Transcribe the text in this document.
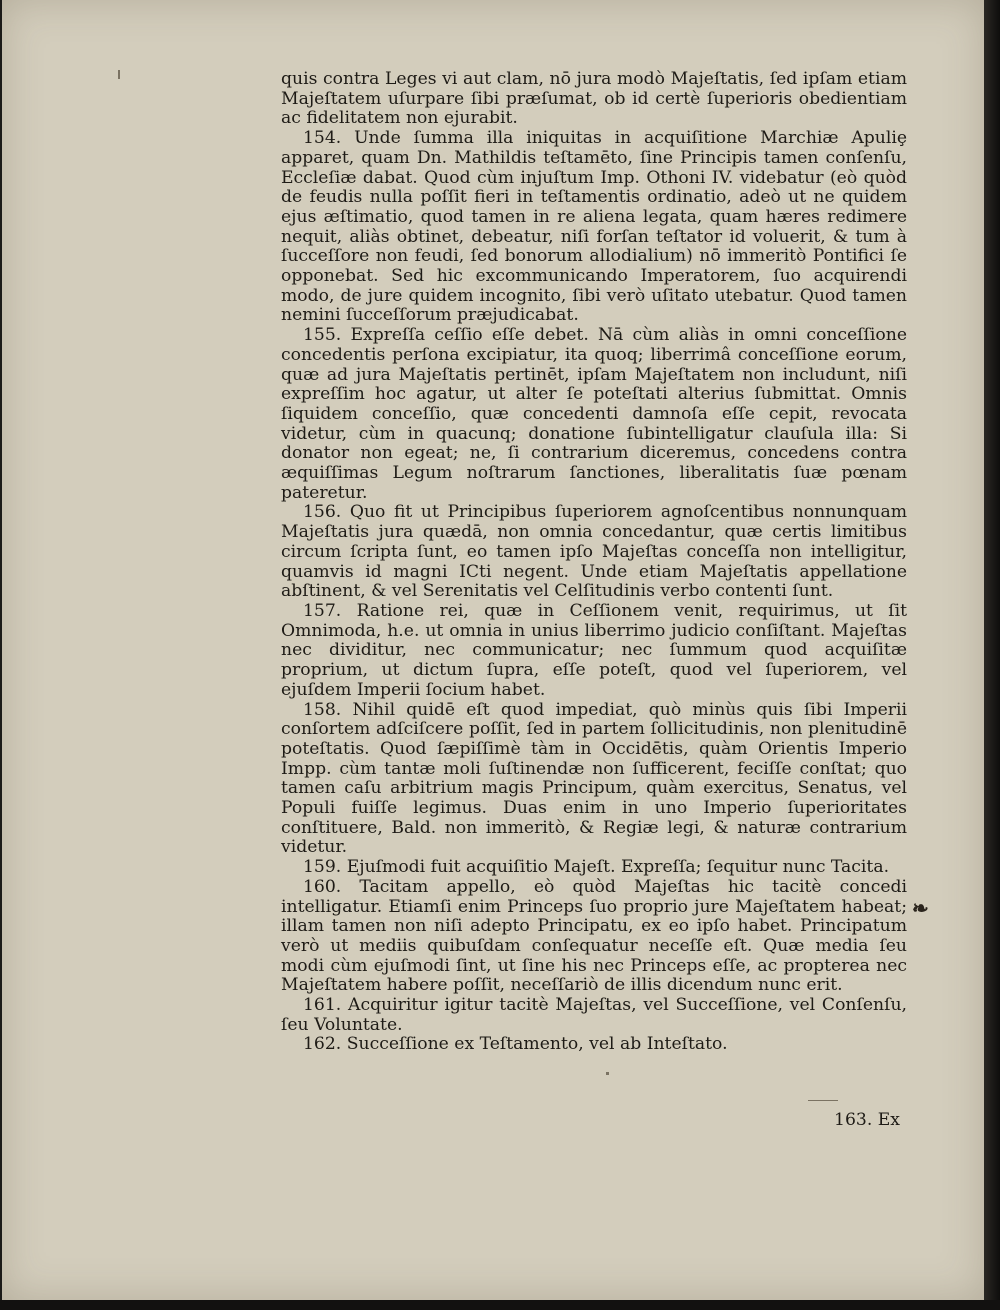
quis contra Leges vi aut clam, nō jura modò Majeſtatis, ſed ipſam etiam Majeſtatem uſurpare ſibi præſumat, ob id certè ſuperioris obedientiam ac fidelitatem non ejurabit.

154. Unde ſumma illa iniquitas in acquiſitione Marchiæ Apuliȩ apparet, quam Dn. Mathildis teſtamēto, ſine Principis tamen conſenſu, Eccleſiæ dabat. Quod cùm injuſtum Imp. Othoni IV. videbatur (eò quòd de feudis nulla poſſit fieri in teſtamentis ordinatio, adeò ut ne quidem ejus æſtimatio, quod tamen in re aliena legata, quam hæres redimere nequit, aliàs obtinet, debeatur, niſi forſan teſtator id voluerit, & tum à ſucceſſore non feudi, ſed bonorum allodialium) nō immeritò Pontifici ſe opponebat. Sed hic excommunicando Imperatorem, ſuo acquirendi modo, de jure quidem incognito, ſibi verò uſitato utebatur. Quod tamen nemini ſucceſſorum præjudicabat.

155. Expreſſa ceſſio eſſe debet. Nā cùm aliàs in omni conceſſione concedentis perſona excipiatur, ita quoq; liberrimâ conceſſione eorum, quæ ad jura Majeſtatis pertinēt, ipſam Majeſtatem non includunt, niſi expreſſim hoc agatur, ut alter ſe poteſtati alterius ſubmittat. Omnis ſiquidem conceſſio, quæ concedenti damnoſa eſſe cepit, revocata videtur, cùm in quacunq; donatione ſubintelligatur clauſula illa: Si donator non egeat; ne, ſi contrarium diceremus, concedens contra æquiſſimas Legum noſtrarum ſanctiones, liberalitatis ſuæ pœnam pateretur.

156. Quo fit ut Principibus ſuperiorem agnoſcentibus nonnunquam Majeſtatis jura quædā, non omnia concedantur, quæ certis limitibus circum ſcripta ſunt, eo tamen ipſo Majeſtas conceſſa non intelligitur, quamvis id magni ICti negent. Unde etiam Majeſtatis appellatione abſtinent, & vel Serenitatis vel Celſitudinis verbo contenti ſunt.

157. Ratione rei, quæ in Ceſſionem venit, requirimus, ut ſit Omnimoda, h.e. ut omnia in unius liberrimo judicio conſiſtant. Majeſtas nec dividitur, nec communicatur; nec ſummum quod acquiſitæ proprium, ut dictum ſupra, eſſe poteſt, quod vel ſuperiorem, vel ejuſdem Imperii ſocium habet.

158. Nihil quidē eſt quod impediat, quò minùs quis ſibi Imperii conſortem adſciſcere poſſit, ſed in partem ſollicitudinis, non plenitudinē poteſtatis. Quod ſæpiſſimè tàm in Occidētis, quàm Orientis Imperio Impp. cùm tantæ moli ſuſtinendæ non ſufficerent, feciſſe conſtat; quo tamen caſu arbitrium magis Principum, quàm exercitus, Senatus, vel Populi fuiſſe legimus. Duas enim in uno Imperio ſuperioritates conſtituere, Bald. non immeritò, & Regiæ legi, & naturæ contrarium videtur.

159. Ejuſmodi fuit acquiſitio Majeſt. Expreſſa; ſequitur nunc Tacita.

160. Tacitam appello, eò quòd Majeſtas hic tacitè concedi intelligatur. Etiamſi enim Princeps ſuo proprio jure Majeſtatem habeat; illam tamen non niſi adepto Principatu, ex eo ipſo habet. Principatum verò ut mediis quibuſdam conſequatur neceſſe eſt. Quæ media ſeu modi cùm ejuſmodi ſint, ut ſine his nec Princeps eſſe, ac propterea nec Majeſtatem habere poſſit, neceſſariò de illis dicendum nunc erit.

161. Acquiritur igitur tacitè Majeſtas, vel Succeſſione, vel Conſenſu, ſeu Voluntate.

162. Succeſſione ex Teſtamento, vel ab Inteſtato.

❧
163. Ex
